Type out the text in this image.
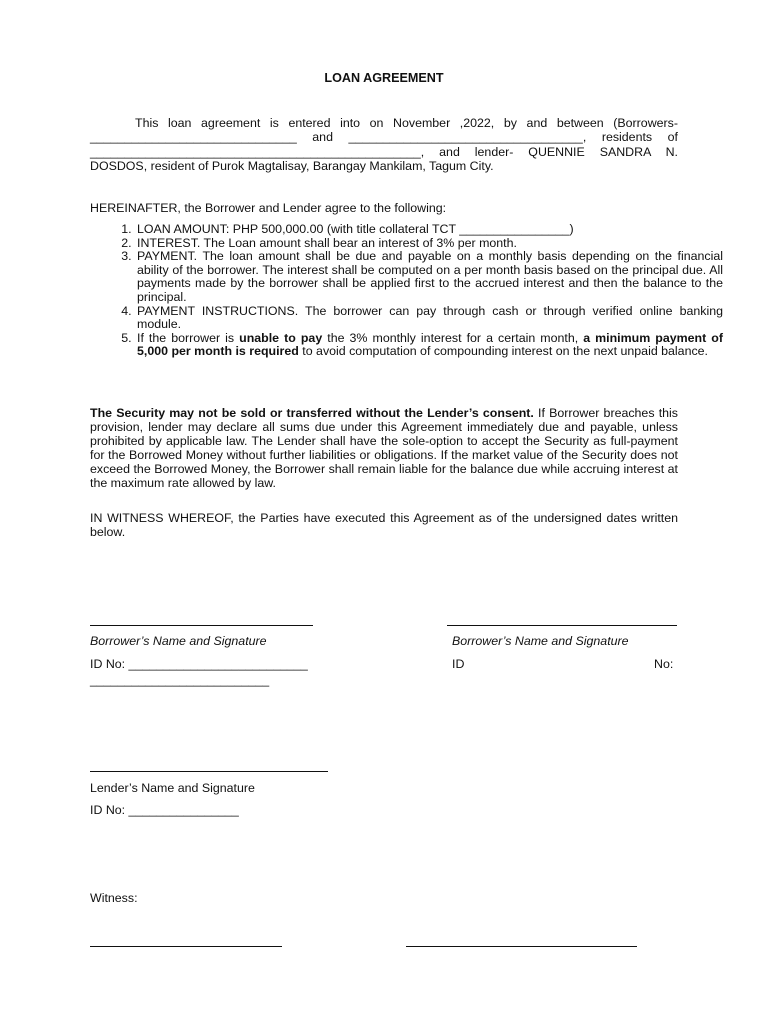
LOAN AGREEMENT
This loan agreement is entered into on November ,2022, by and between (Borrowers- ______________________________ and __________________________________, residents of ________________________________________________, and lender- QUENNIE SANDRA N. DOSDOS, resident of Purok Magtalisay, Barangay Mankilam, Tagum City.
HEREINAFTER, the Borrower and Lender agree to the following:
1. LOAN AMOUNT: PHP 500,000.00 (with title collateral TCT ________________)
2. INTEREST. The Loan amount shall bear an interest of 3% per month.
3. PAYMENT. The loan amount shall be due and payable on a monthly basis depending on the financial ability of the borrower. The interest shall be computed on a per month basis based on the principal due. All payments made by the borrower shall be applied first to the accrued interest and then the balance to the principal.
4. PAYMENT INSTRUCTIONS. The borrower can pay through cash or through verified online banking module.
5. If the borrower is unable to pay the 3% monthly interest for a certain month, a minimum payment of 5,000 per month is required to avoid computation of compounding interest on the next unpaid balance.
The Security may not be sold or transferred without the Lender’s consent. If Borrower breaches this provision, lender may declare all sums due under this Agreement immediately due and payable, unless prohibited by applicable law. The Lender shall have the sole-option to accept the Security as full-payment for the Borrowed Money without further liabilities or obligations. If the market value of the Security does not exceed the Borrowed Money, the Borrower shall remain liable for the balance due while accruing interest at the maximum rate allowed by law.
IN WITNESS WHEREOF, the Parties have executed this Agreement as of the undersigned dates written below.
Borrower’s Name and Signature
ID No: __________________________
__________________________
Borrower’s Name and Signature
ID	No:
Lender’s Name and Signature
ID No: ________________
Witness:
